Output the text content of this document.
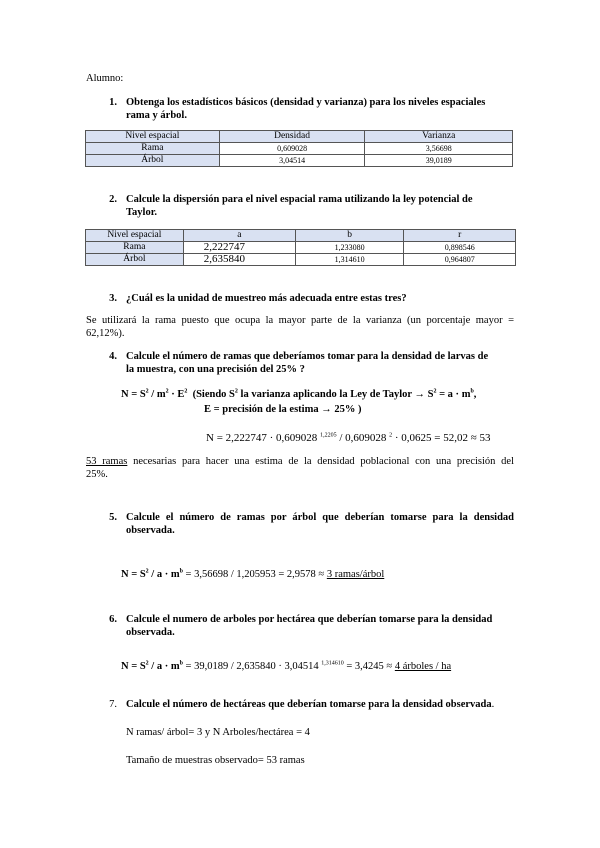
Alumno:
1. Obtenga los estadísticos básicos (densidad y varianza) para los niveles espaciales
rama y árbol.
Nivel espacial	Densidad	Varianza
Rama	0,609028	3,56698
Árbol	3,04514	39,0189
2. Calcule la dispersión para el nivel espacial rama utilizando la ley potencial de
Taylor.
Nivel espacial	a	b	r
Rama	2,222747	1,233080	0,898546
Árbol	2,635840	1,314610	0,964807
3. ¿Cuál es la unidad de muestreo más adecuada entre estas tres?
Se utilizará la rama puesto que ocupa la mayor parte de la varianza (un porcentaje mayor =
62,12%).
4. Calcule el número de ramas que deberíamos tomar para la densidad de larvas de
la muestra, con una precisión del 25% ?
$N = S^2 / m^2 \cdot E^2$ (Siendo $S^2$ la varianza aplicando la Ley de Taylor → $S^2 = a \cdot m^b$,
E = precisión de la estima → 25% )
N = 2,222747 · 0,609028 $^{1,2205}$ / 0,609028 $^2$ · 0,0625 = 52,02 ≈ 53
53 ramas necesarias para hacer una estima de la densidad poblacional con una precisión del
25%.
5. Calcule el número de ramas por árbol que deberían tomarse para la densidad
observada.
$N = S^2 / a \cdot m^b = 3,56698 / 1,205953 = 2,9578 \approx 3$ ramas/árbol
6. Calcule el numero de arboles por hectárea que deberían tomarse para la densidad
observada.
$N = S^2 / a \cdot m^b = 39,0189 / 2,635840 \cdot 3,04514$ $^{1,314610}$ = 3,4245 ≈ 4 árboles / ha
7. Calcule el número de hectáreas que deberían tomarse para la densidad observada.
N ramas/ árbol= 3 y N Arboles/hectárea = 4
Tamaño de muestras observado= 53 ramas
